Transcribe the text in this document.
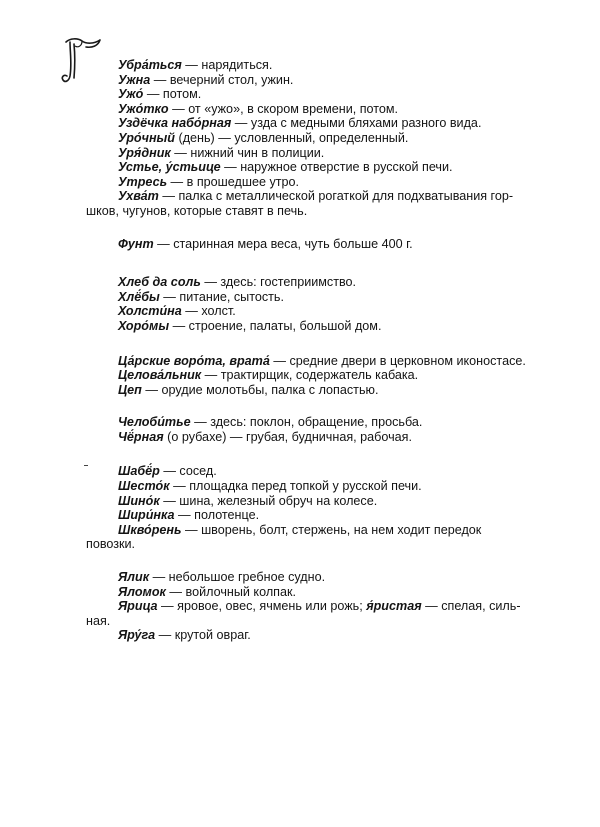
Убра́ться — нарядиться.

Ужна — вечерний стол, ужин.

Ужо́ — потом.

Ужо́тко — от «ужо», в скором времени, потом.

Уздёчка набо́рная — узда с медными бляхами разного вида.

Уро́чный (день) — условленный, определенный.

Уря́дник — нижний чин в полиции.

Устье, у́стьице — наружное отверстие в русской печи.

Утресь — в прошедшее утро.

Ухва́т — палка с металлической рогаткой для подхватывания гор-
шков, чугунов, которые ставят в печь.

Фунт — старинная мера веса, чуть больше 400 г.

Хлеб да соль — здесь: гостеприимство.

Хлё́бы — питание, сытость.

Холсти́на — холст.

Хоро́мы — строение, палаты, большой дом.

Ца́рские воро́та, врата́ — средние двери в церковном иконостасе.

Целова́льник — трактирщик, содержатель кабака.

Цеп — орудие молотьбы, палка с лопастью.

Челоби́тье — здесь: поклон, обращение, просьба.

Чё́рная (о рубахе) — грубая, будничная, рабочая.

Шабё́р — сосед.

Шесто́к — площадка перед топкой у русской печи.

Шино́к — шина, железный обруч на колесе.

Шири́нка — полотенце.

Шкво́рень — шворень, болт, стержень, на нем ходит передок
повозки.

Ялик — небольшое гребное судно.

Яломок — войлочный колпак.

Ярица — яровое, овес, ячмень или рожь; я́ристая — спелая, силь-
ная.

Яру́га — крутой овраг.
